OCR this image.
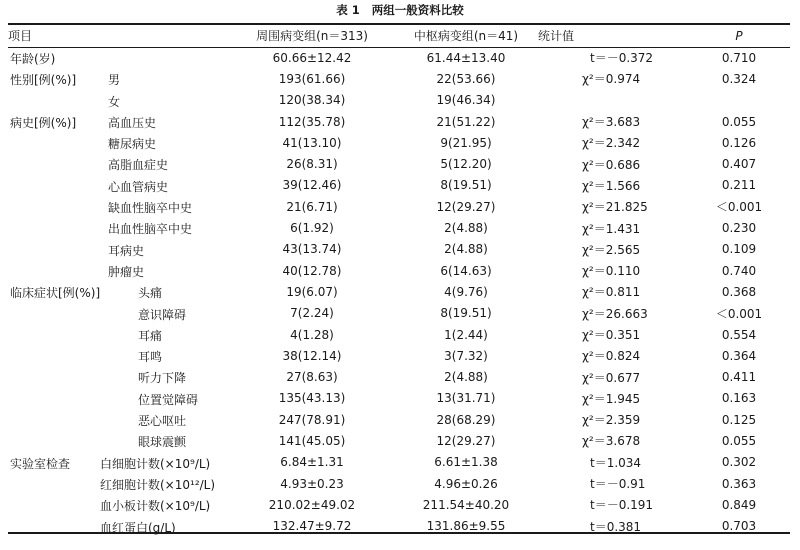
表 1 两组一般资料比较
项目	周围病变组(n＝313)	中枢病变组(n＝41)	统计值	P

年龄(岁)	60.66±12.42	61.44±13.40	t＝－0.372	0.710

性别[例(%)] 男	193(61.66)	22(53.66)	χ²＝0.974	0.324

女	120(38.34)	19(46.34)		

病史[例(%)] 高血压史	112(35.78)	21(51.22)	χ²＝3.683	0.055

糖尿病史	41(13.10)	9(21.95)	χ²＝2.342	0.126

高脂血症史	26(8.31)	5(12.20)	χ²＝0.686	0.407

心血管病史	39(12.46)	8(19.51)	χ²＝1.566	0.211

缺血性脑卒中史	21(6.71)	12(29.27)	χ²＝21.825	＜0.001

出血性脑卒中史	6(1.92)	2(4.88)	χ²＝1.431	0.230

耳病史	43(13.74)	2(4.88)	χ²＝2.565	0.109

肿瘤史	40(12.78)	6(14.63)	χ²＝0.110	0.740

临床症状[例(%)] 头痛	19(6.07)	4(9.76)	χ²＝0.811	0.368

意识障碍	7(2.24)	8(19.51)	χ²＝26.663	＜0.001

耳痛	4(1.28)	1(2.44)	χ²＝0.351	0.554

耳鸣	38(12.14)	3(7.32)	χ²＝0.824	0.364

听力下降	27(8.63)	2(4.88)	χ²＝0.677	0.411

位置觉障碍	135(43.13)	13(31.71)	χ²＝1.945	0.163

恶心呕吐	247(78.91)	28(68.29)	χ²＝2.359	0.125

眼球震颤	141(45.05)	12(29.27)	χ²＝3.678	0.055

实验室检查 白细胞计数(×10⁹/L)	6.84±1.31	6.61±1.38	t＝1.034	0.302

红细胞计数(×10¹²/L)	4.93±0.23	4.96±0.26	t＝－0.91	0.363

血小板计数(×10⁹/L)	210.02±49.02	211.54±40.20	t＝－0.191	0.849

血红蛋白(g/L)	132.47±9.72	131.86±9.55	t＝0.381	0.703
